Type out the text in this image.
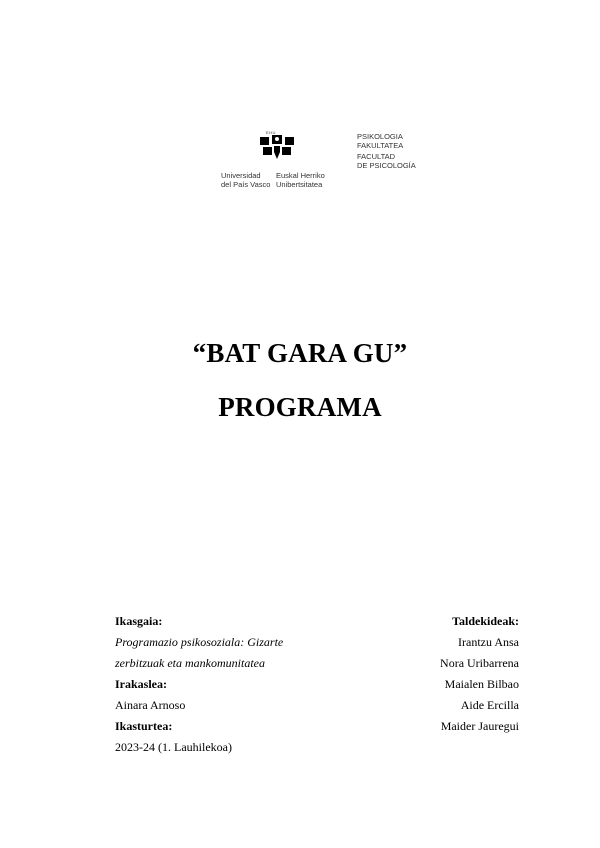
EHU
Universidad
del País Vasco
Euskal Herriko
Unibertsitatea
PSIKOLOGIA
FAKULTATEA
FACULTAD
DE PSICOLOGÍA
“BAT GARA GU”
PROGRAMA
Ikasgaia:
Programazio psikosoziala: Gizarte
zerbitzuak eta mankomunitatea
Irakaslea:
Ainara Arnoso
Ikasturtea:
2023-24 (1. Lauhilekoa)
Taldekideak:
Irantzu Ansa
Nora Uribarrena
Maialen Bilbao
Aide Ercilla
Maider Jauregui
